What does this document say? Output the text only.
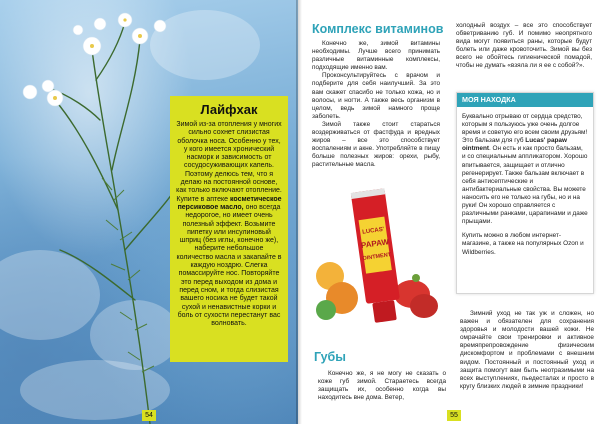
Лайфхак
Зимой из-за отопления у многих сильно сохнет слизистая оболочка носа. Особенно у тех, у кого имеется хронический насморк и зависимость от сосудосуживающих капель. Поэтому делюсь тем, что я делаю на постоянной основе, как только включают отопление. Купите в аптеке косметическое персиковое масло, оно всегда недорогое, но имеет очень полезный эффект. Возьмите пипетку или инсулиновый шприц (без иглы, конечно же), наберите небольшое количество масла и закапайте в каждую ноздрю. Слегка помассируйте нос. Повторяйте это перед выходом из дома и перед сном, и тогда слизистая вашего носика не будет такой сухой и ненавистные корки и боль от сухости перестанут вас волновать.
54
Комплекс витаминов

Конечно же, зимой витамины необходимы. Лучше всего принимать различные витаминные комплексы, подходящие именно вам.

Проконсультируйтесь с врачом и подберите для себя наилучший. За это вам скажет спасибо не только кожа, но и волосы, и ногти. А также весь организм в целом, ведь зимой намного проще заболеть.

Зимой также стоит стараться воздерживаться от фастфуда и вредных жиров – все это способствует воспалениям и акне. Употребляйте в пищу больше полезных жиров: орехи, рыбу, растительные масла.

холодный воздух – все это способствует обветриванию губ. И помимо неопрятного вида могут появиться раны, которые будут болеть или даже кровоточить. Зимой вы без всего не обойтесь гигиенической помадой, чтобы не думать «взяла ли я ее с собой?».

МОЯ НАХОДКА

Буквально отрываю от сердца средство, которым я пользуюсь уже очень долгое время и советую его всем своим друзьям! Это бальзам для губ Lucas' papaw ointment. Он есть и как просто бальзам, и со специальным аппликатором. Хорошо впитывается, защищает и отлично регенерирует. Также бальзам включает в себя антисептические и антибактериальные свойства. Вы можете наносить его не только на губы, но и на руки! Он хорошо справляется с различными ранками, царапинами и даже прыщами.

Купить можно в любом интернет-магазине, а также на популярных Ozon и Wildberries.

LUCAS'
PAPAW
OINTMENT
Губы

Конечно же, я не могу не сказать о коже губ зимой. Стараетесь всегда защищать их, особенно когда вы находитесь вне дома. Ветер,

Зимний уход не так уж и сложен, но важен и обязателен для сохранения здоровья и молодости вашей кожи. Не омрачайте свои тренировки и активное времяпрепровождение физическим дискомфортом и проблемами с внешним видом. Постоянный и постоянный уход и защита помогут вам быть неотразимыми на всех выступлениях, пьедесталах и просто в кругу близких людей в зимние праздники!

55
